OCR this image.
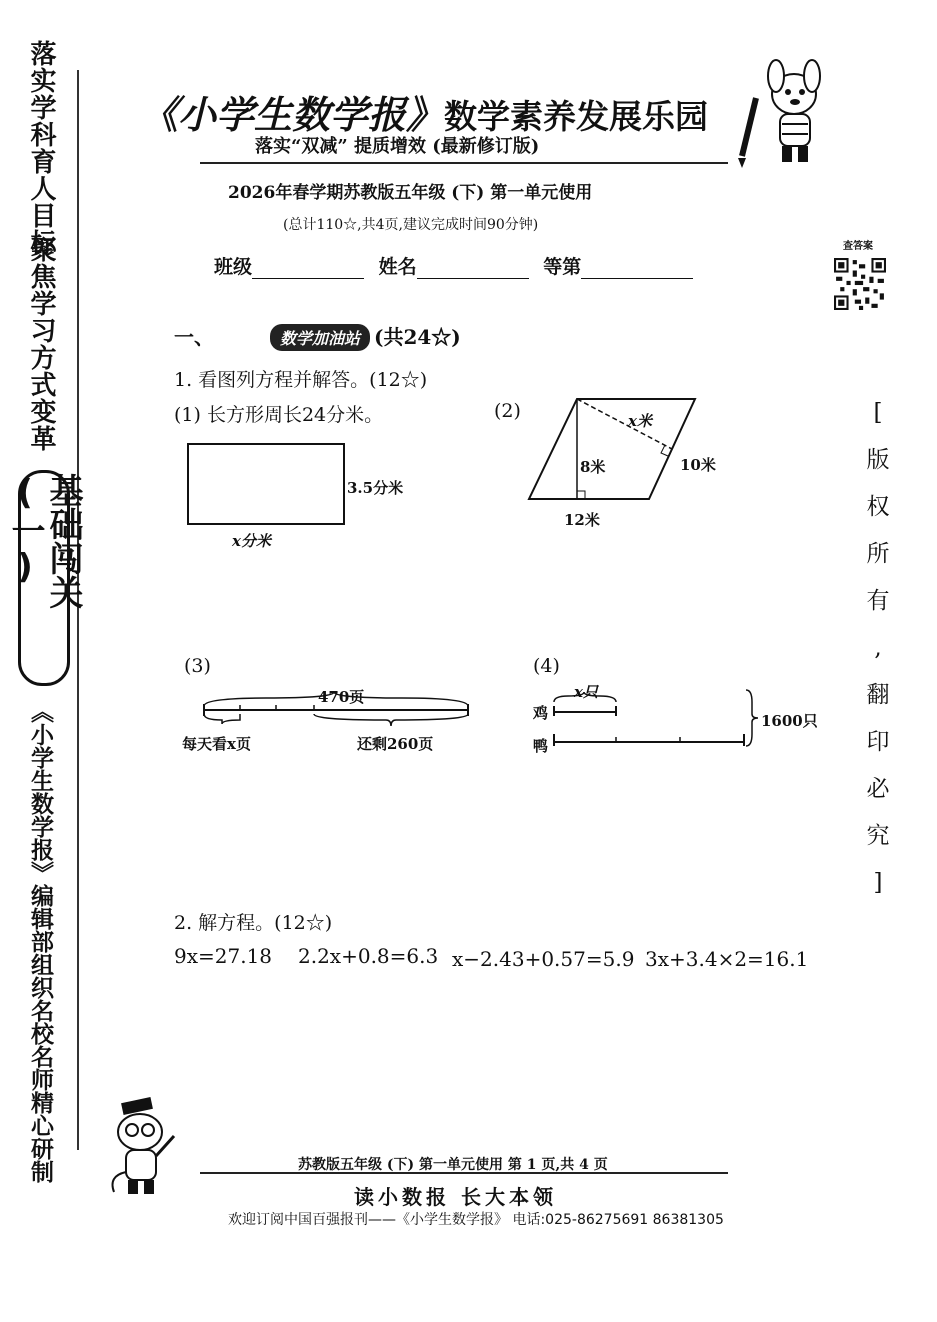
落实学科育人目标
聚焦学习方式变革
基础闯关(一)
《小学生数学报》编辑部组织名校名师精心研制
《小学生数学报》数学素养发展乐园
落实“双减” 提质增效 (最新修订版)
2026年春学期苏教版五年级 (下) 第一单元使用
(总计110☆,共4页,建议完成时间90分钟)
班级	姓名	等第
查答案
[
版
权
所
有
,
翻
印
必
究
]
一、	数学加油站 (共24☆)
1. 看图列方程并解答。(12☆)
(1) 长方形周长24分米。	(2)
3.5分米
x分米
x米
8米	10米
12米
(3)
470页
每天看x页	还剩260页
(4)
x只
鸡
鸭
1600只
2. 解方程。(12☆)
9x=27.18 2.2x+0.8=6.3 x−2.43+0.57=5.9 3x+3.4×2=16.1
苏教版五年级 (下) 第一单元使用 第 1 页,共 4 页
读小数报 长大本领
欢迎订阅中国百强报刊——《小学生数学报》 电话:025-86275691 86381305
